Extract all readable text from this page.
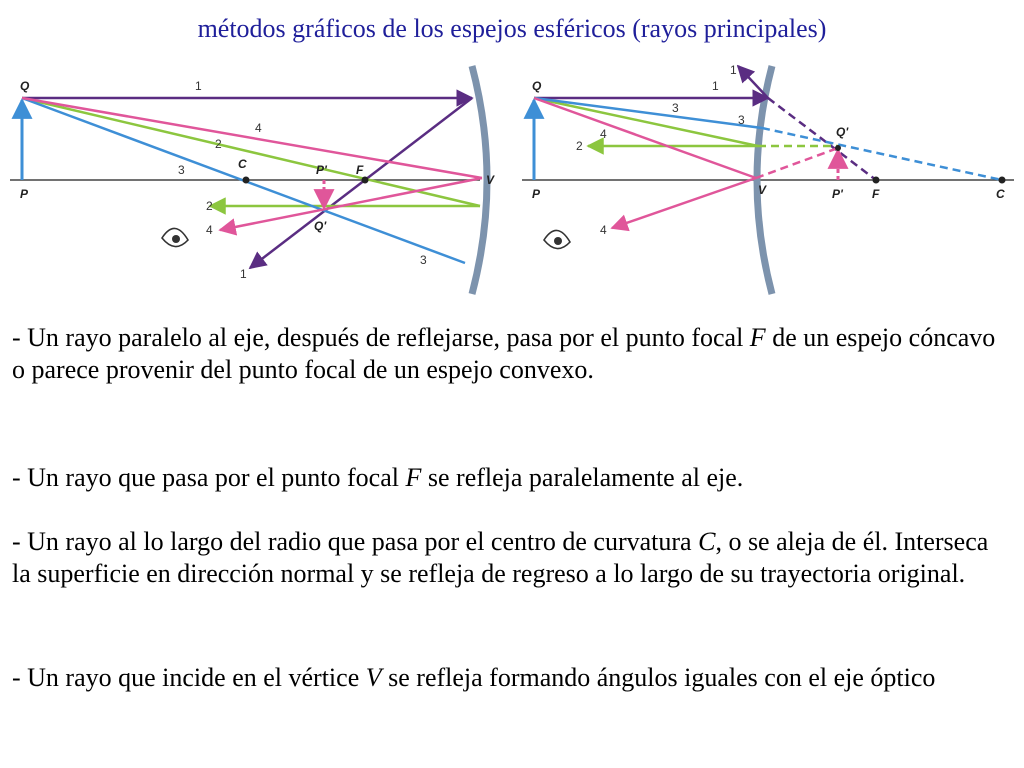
métodos gráficos de los espejos esféricos (rayos principales)
Q
P
C	F
P'
Q'
V
1
2
3
4
2
4
1
3
Q
P
Q'
P' F	C
V
1
1
2
3
3
4
4
- Un rayo paralelo al eje, después de reflejarse, pasa por el punto focal F de un espejo cóncavo o parece provenir del punto focal de un espejo convexo.
- Un rayo que pasa por el punto focal F se refleja paralelamente al eje.
- Un rayo al lo largo del radio que pasa por el centro de curvatura C, o se aleja de él. Interseca la superficie en dirección normal y se refleja de regreso a lo largo de su trayectoria original.
- Un rayo que incide en el vértice V se refleja formando ángulos iguales con el eje óptico
